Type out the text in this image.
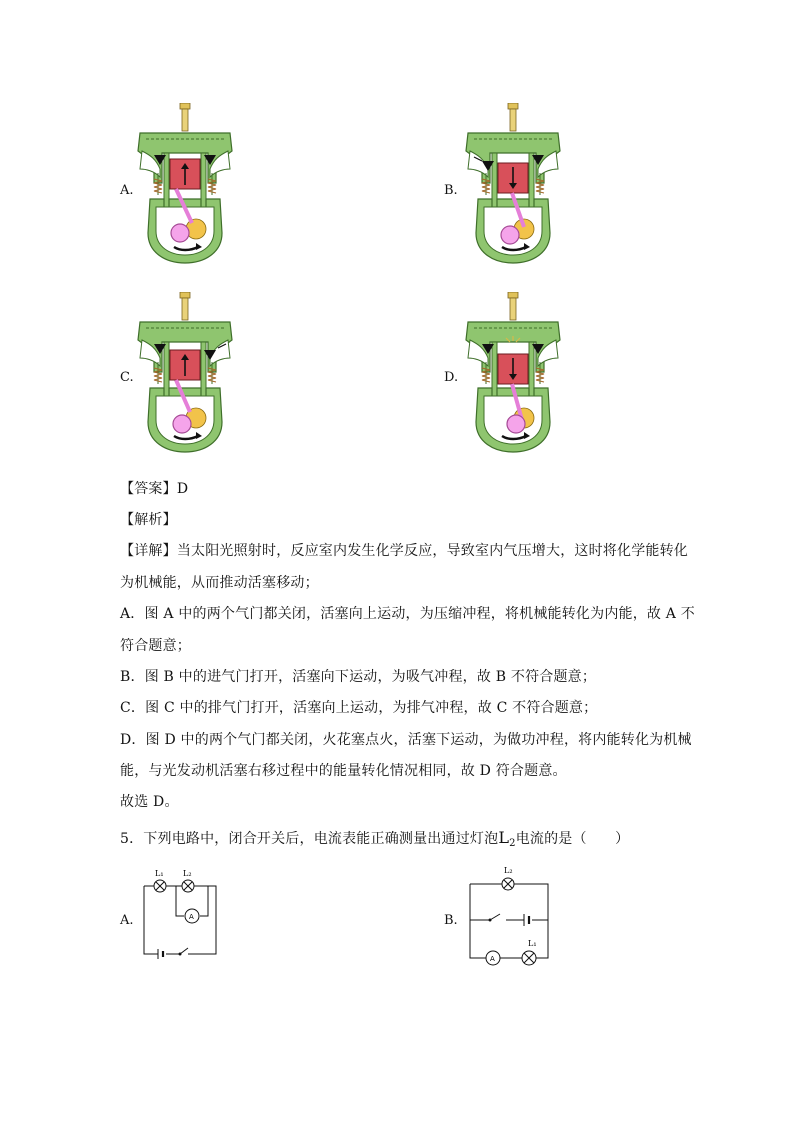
A.	B.
C.	D.
【答案】D
【解析】
【详解】当太阳光照射时，反应室内发生化学反应，导致室内气压增大，这时将化学能转化
为机械能，从而推动活塞移动；
A．图 A 中的两个气门都关闭，活塞向上运动，为压缩冲程，将机械能转化为内能，故 A 不
符合题意；
B．图 B 中的进气门打开，活塞向下运动，为吸气冲程，故 B 不符合题意；
C．图 C 中的排气门打开，活塞向上运动，为排气冲程，故 C 不符合题意；
D．图 D 中的两个气门都关闭，火花塞点火，活塞下运动，为做功冲程，将内能转化为机械
能，与光发动机活塞右移过程中的能量转化情况相同，故 D 符合题意。
故选 D。
5．下列电路中，闭合开关后，电流表能正确测量出通过灯泡$L_2$电流的是（　　）
A.	B.
L₁ L₂
A
L₂
L₁
A
